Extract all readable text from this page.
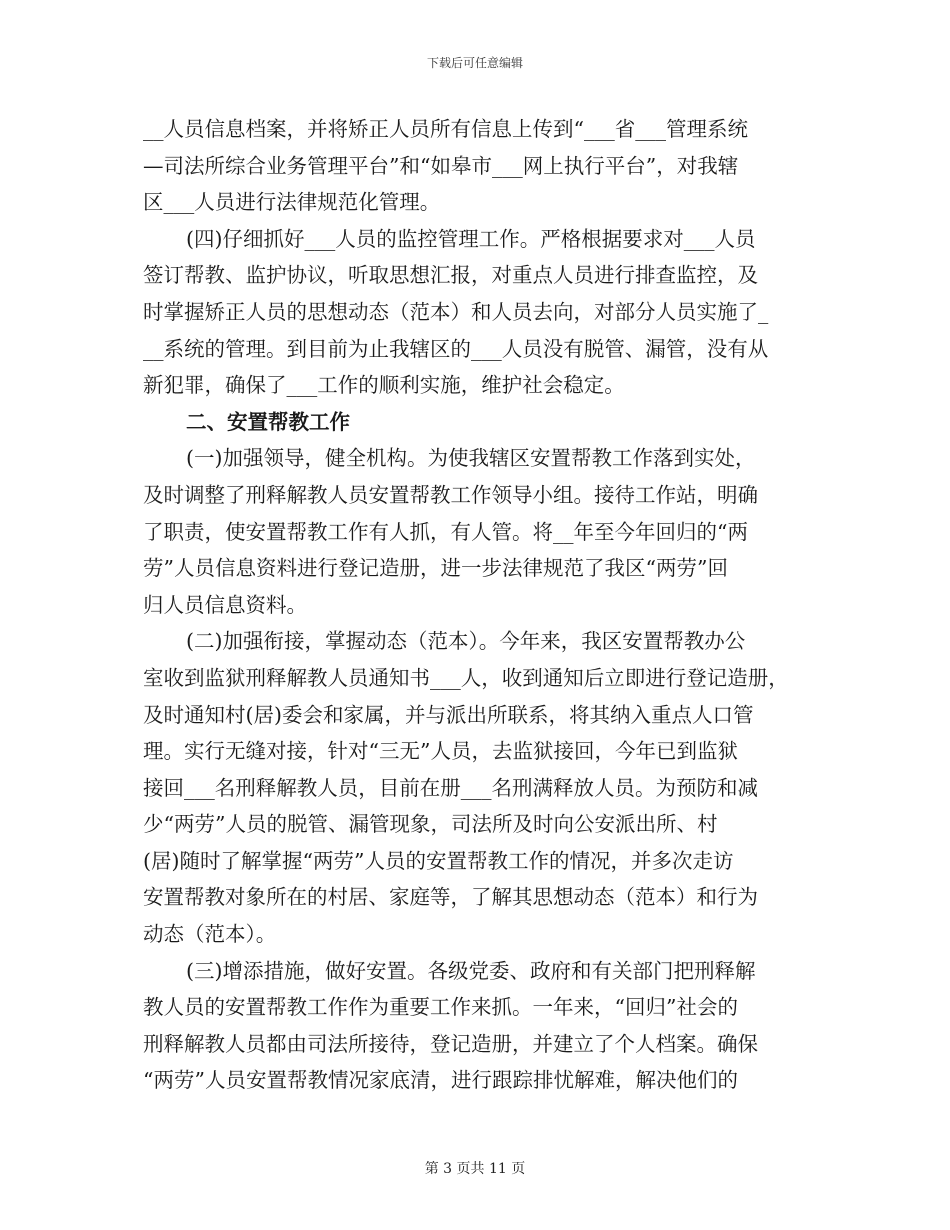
下载后可任意编辑
__人员信息档案，并将矫正人员所有信息上传到“___省___管理系统
—司法所综合业务管理平台”和“如皋市___网上执行平台”，对我辖
区___人员进行法律规范化管理。
(四)仔细抓好___人员的监控管理工作。严格根据要求对___人员
签订帮教、监护协议，听取思想汇报，对重点人员进行排查监控，及
时掌握矫正人员的思想动态（范本）和人员去向，对部分人员实施了_
__系统的管理。到目前为止我辖区的___人员没有脱管、漏管，没有从
新犯罪，确保了___工作的顺利实施，维护社会稳定。
二、安置帮教工作
(一)加强领导，健全机构。为使我辖区安置帮教工作落到实处，
及时调整了刑释解教人员安置帮教工作领导小组。接待工作站，明确
了职责，使安置帮教工作有人抓，有人管。将__年至今年回归的“两
劳”人员信息资料进行登记造册，进一步法律规范了我区“两劳”回
归人员信息资料。
(二)加强衔接，掌握动态（范本）。今年来，我区安置帮教办公
室收到监狱刑释解教人员通知书___人，收到通知后立即进行登记造册，
及时通知村(居)委会和家属，并与派出所联系，将其纳入重点人口管
理。实行无缝对接，针对“三无”人员，去监狱接回，今年已到监狱
接回___名刑释解教人员，目前在册___名刑满释放人员。为预防和减
少“两劳”人员的脱管、漏管现象，司法所及时向公安派出所、村
(居)随时了解掌握“两劳”人员的安置帮教工作的情况，并多次走访
安置帮教对象所在的村居、家庭等，了解其思想动态（范本）和行为
动态（范本）。
(三)增添措施，做好安置。各级党委、政府和有关部门把刑释解
教人员的安置帮教工作作为重要工作来抓。一年来，“回归”社会的
刑释解教人员都由司法所接待，登记造册，并建立了个人档案。确保
“两劳”人员安置帮教情况家底清，进行跟踪排忧解难，解决他们的
第 3 页共 11 页
